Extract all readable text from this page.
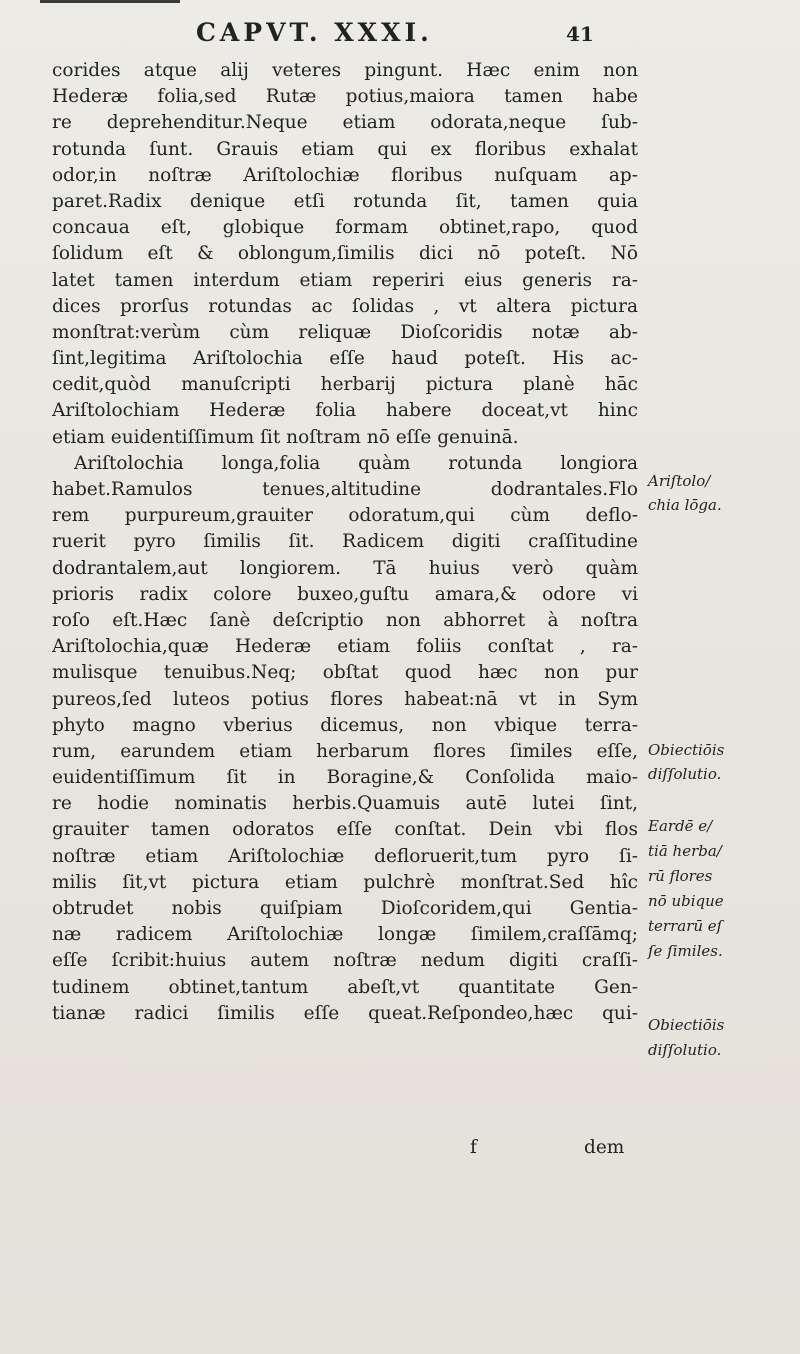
CAPVT. XXXI.	41
corides atque alij veteres pingunt. Hæc enim non
Hederæ folia,sed Rutæ potius,maiora tamen habe
re deprehenditur.Neque etiam odorata,neque ſub-
rotunda ſunt. Grauis etiam qui ex floribus exhalat
odor,in noſtræ Ariſtolochiæ floribus nuſquam ap-
paret.Radix denique etſi rotunda ſit, tamen quia
concaua eſt, globique formam obtinet,rapo, quod
ſolidum eſt & oblongum,ſimilis dici nō poteſt. Nō
latet tamen interdum etiam reperiri eius generis ra-
dices prorſus rotundas ac ſolidas , vt altera pictura
monſtrat:verùm cùm reliquæ Dioſcoridis notæ ab-
ſint,legitima Ariſtolochia eſſe haud poteſt. His ac-
cedit,quòd manuſcripti herbarij pictura planè hāc
Ariſtolochiam Hederæ folia habere doceat,vt hinc
etiam euidentiſſimum ſit noſtram nō eſſe genuinā.
Ariſtolochia longa,folia quàm rotunda longiora
habet.Ramulos tenues,altitudine dodrantales.Flo
rem purpureum,grauiter odoratum,qui cùm deflo-
ruerit pyro ſimilis ſit. Radicem digiti craſſitudine
dodrantalem,aut longiorem. Tā huius verò quàm
prioris radix colore buxeo,guſtu amara,& odore vi
roſo eſt.Hæc ſanè deſcriptio non abhorret à noſtra
Ariſtolochia,quæ Hederæ etiam foliis conſtat , ra-
mulisque tenuibus.Neq; obſtat quod hæc non pur
pureos,ſed luteos potius flores habeat:nā vt in Sym
phyto magno vberius dicemus, non vbique terra-
rum, earundem etiam herbarum flores ſimiles eſſe,
euidentiſſimum ſit in Boragine,& Conſolida maio-
re hodie nominatis herbis.Quamuis autē lutei ſint,
grauiter tamen odoratos eſſe conſtat. Dein vbi flos
noſtræ etiam Ariſtolochiæ defloruerit,tum pyro ſi-
milis ſit,vt pictura etiam pulchrè monſtrat.Sed hîc
obtrudet nobis quiſpiam Dioſcoridem,qui Gentia-
næ radicem Ariſtolochiæ longæ ſimilem,craſſāmq;
eſſe ſcribit:huius autem noſtræ nedum digiti craſſi-
tudinem obtinet,tantum abeſt,vt quantitate Gen-
tianæ radici ſimilis eſſe queat.Reſpondeo,hæc qui-
f	dem
Ariſtolo/
chia lōga.
Obiectiōis
diſſolutio.
Eardē e/
tiā herba/
rū flores
nō ubique
terrarū eſ
ſe ſimiles.
Obiectiōis
diſſolutio.
